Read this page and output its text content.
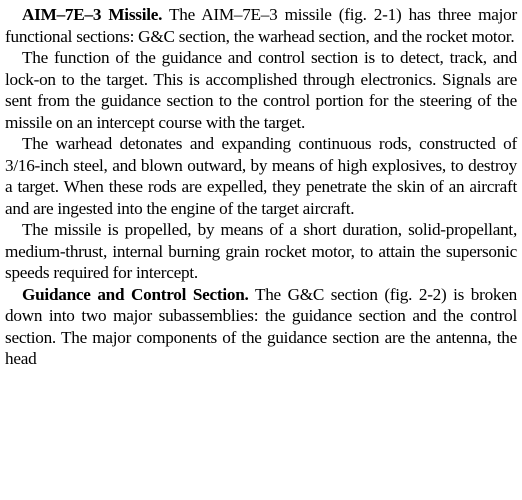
AIM–7E–3 Missile. The AIM–7E–3 missile (fig. 2-1) has three major functional sections: G&C section, the warhead section, and the rocket motor.

The function of the guidance and control section is to detect, track, and lock-on to the target. This is accomplished through electronics. Signals are sent from the guidance section to the control portion for the steering of the missile on an intercept course with the target.

The warhead detonates and expanding continuous rods, constructed of 3/16-inch steel, and blown outward, by means of high explosives, to destroy a target. When these rods are expelled, they penetrate the skin of an aircraft and are ingested into the engine of the target aircraft.

The missile is propelled, by means of a short duration, solid-propellant, medium-thrust, internal burning grain rocket motor, to attain the supersonic speeds required for intercept.

Guidance and Control Section. The G&C section (fig. 2-2) is broken down into two major subassemblies: the guidance section and the control section. The major components of the guidance section are the antenna, the head
